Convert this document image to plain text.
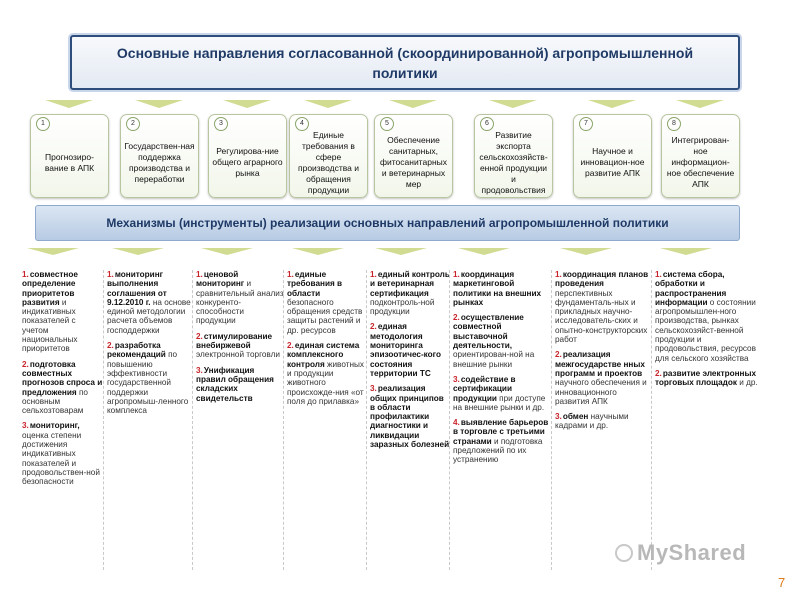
Основные направления согласованной (скоординированной) агропромышленной политики
1
Прогнозиро-вание в АПК
2
Государствен-ная поддержка производства и переработки
3
Регулирова-ние общего аграрного рынка
4
Единые требования в сфере производства и обращения продукции
5
Обеспечение санитарных, фитосанитарных и ветеринарных мер
6
Развитие экспорта сельскохозяйств-енной продукции и продовольствия
7
Научное и инновацион-ное развитие АПК
8
Интегрирован-ное информацион-ное обеспечение АПК
Механизмы (инструменты) реализации основных направлений агропромышленной политики
1.совместное определение приоритетов развития и индикативных показателей с учетом национальных приоритетов
2.подготовка совместных прогнозов спроса и предложения по основным сельхозтоварам
3.мониторинг, оценка степени достижения индикативных показателей и продовольствен-ной безопасности
1.мониторинг выполнения соглашения от 9.12.2010 г. на основе единой методологии расчета объемов господдержки
2.разработка рекомендаций по повышению эффективности государственной поддержки агропромыш-ленного комплекса
1.ценовой мониторинг и сравнительный анализ конкуренто-способности продукции
2.стимулирование внебиржевой электронной торговли
3.Унификация правил обращения складских свидетельств
1.единые требования в области безопасного обращения средств защиты растений и др. ресурсов
2.единая система комплексного контроля животных и продукции животного происхожде-ния «от поля до прилавка»
1.единый контроль и ветеринарная сертификация подконтроль-ной продукции
2.единая методология мониторинга эпизоотичес-кого состояния территории ТС
3.реализация общих принципов в области профилактики диагностики и ликвидации заразных болезней
1.координация маркетинговой политики на внешних рынках
2.осуществление совместной выставочной деятельности, ориентирован-ной на внешние рынки
3.содействие в сертификации продукции при доступе на внешние рынки и др.
4.выявление барьеров в торговле с третьими странами и подготовка предложений по их устранению
1.координация планов проведения перспективных фундаменталь-ных и прикладных научно-исследователь-ских и опытно-конструкторских работ
2.реализация межгосударстве нных программ и проектов научного обеспечения и инновационного развития АПК
3.обмен научными кадрами и др.
1.система сбора, обработки и распространения информации о состоянии агропромышлен-ного производства, рынках сельскохозяйст-венной продукции и продовольствия, ресурсов для сельского хозяйства
2.развитие электронных торговых площадок и др.
MyShared
7
